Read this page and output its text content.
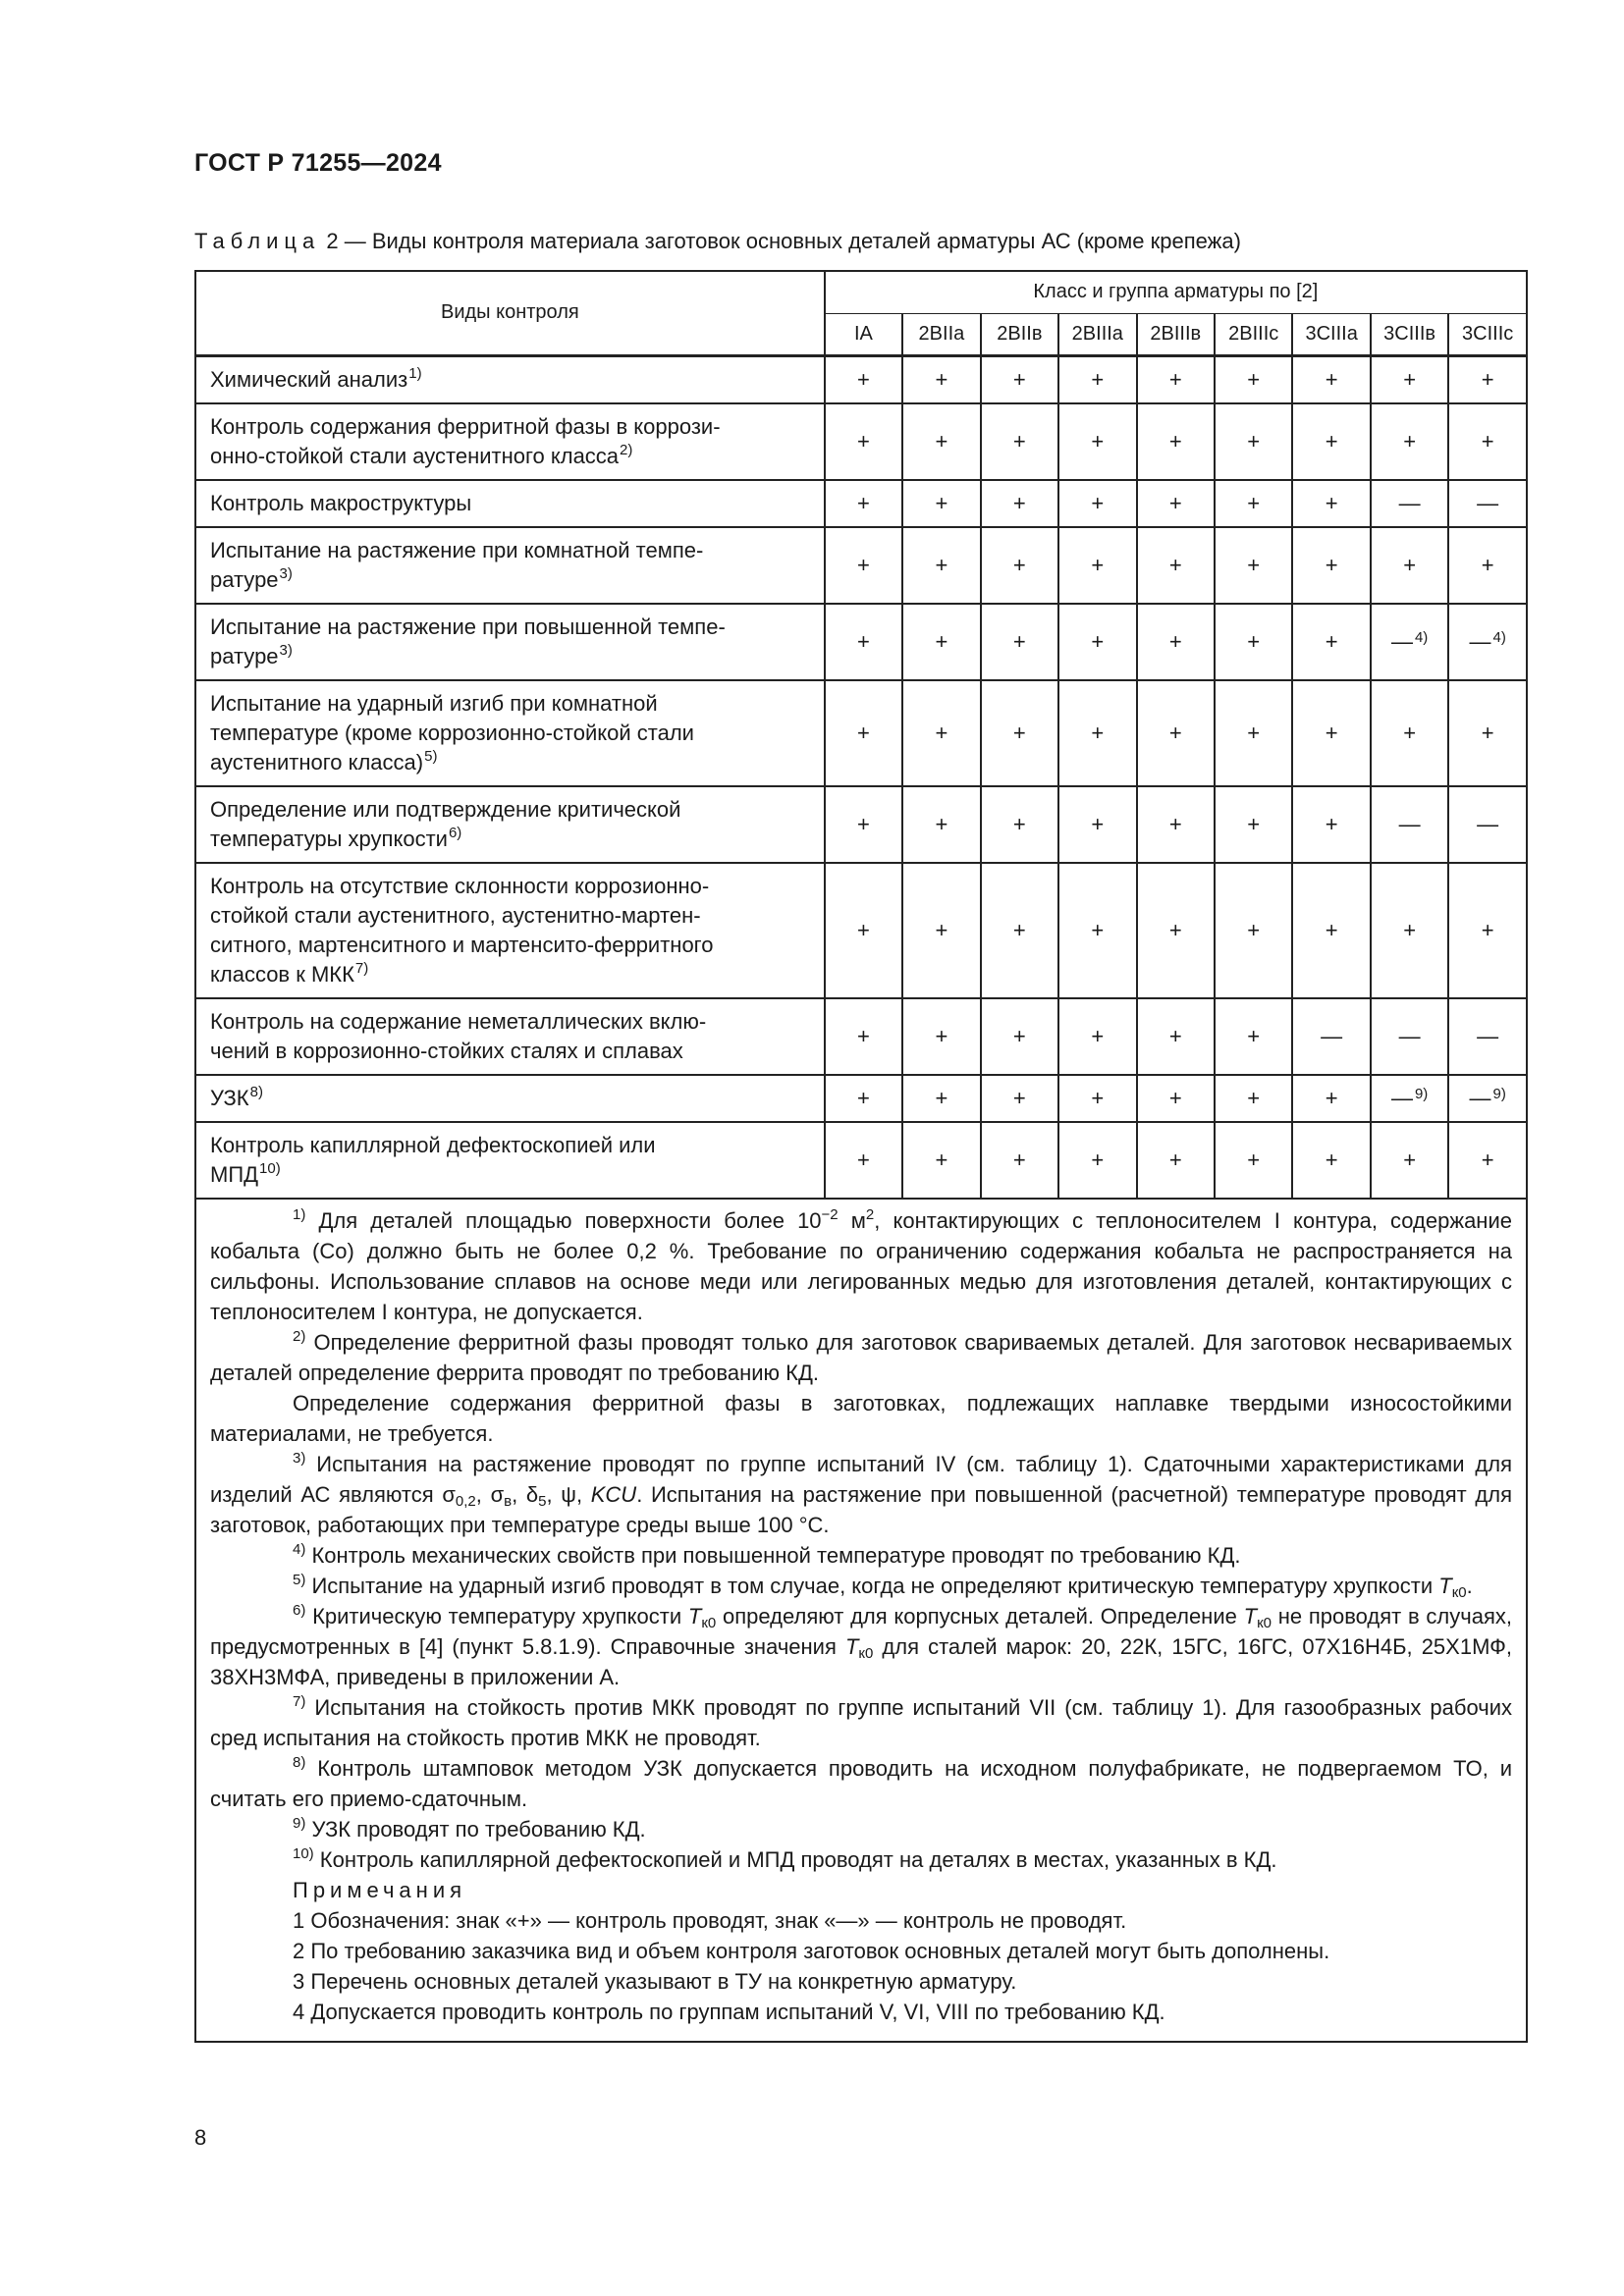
ГОСТ Р 71255—2024
Таблица 2 — Виды контроля материала заготовок основных деталей арматуры АС (кроме крепежа)
Виды контроля	Класс и группа арматуры по [2]								
	IA	2BIIa	2BIIв	2BIIIa	2BIIIв	2BIIIc	3CIIIa	3CIIIв	3CIIIc
Химический анализ$^{1)}$	+	+	+	+	+	+	+	+	+
Контроль содержания ферритной фазы в коррози-
онно-стойкой стали аустенитного класса$^{2)}$	+	+	+	+	+	+	+	+	+
Контроль макроструктуры	+	+	+	+	+	+	+	—	—
Испытание на растяжение при комнатной темпе-
ратуре$^{3)}$	+	+	+	+	+	+	+	+	+
Испытание на растяжение при повышенной темпе-
ратуре$^{3)}$	+	+	+	+	+	+	+	— $^{4)}$	— $^{4)}$
Испытание на ударный изгиб при комнатной
температуре (кроме коррозионно-стойкой стали
аустенитного класса)$^{5)}$	+	+	+	+	+	+	+	+	+
Определение или подтверждение критической
температуры хрупкости$^{6)}$	+	+	+	+	+	+	+	—	—
Контроль на отсутствие склонности коррозионно-
стойкой стали аустенитного, аустенитно-мартен-
ситного, мартенситного и мартенсито-ферритного
классов к МКК$^{7)}$	+	+	+	+	+	+	+	+	+
Контроль на содержание неметаллических вклю-
чений в коррозионно-стойких сталях и сплавах	+	+	+	+	+	+	—	—	—
УЗК$^{8)}$	+	+	+	+	+	+	+	— $^{9)}$	— $^{9)}$
Контроль капиллярной дефектоскопией или
МПД$^{10)}$	+	+	+	+	+	+	+	+	+

$^{1)}$ Для деталей площадью поверхности более $10^{-2}$ $м^2$, контактирующих с теплоносителем I контура, содержание кобальта (Co) должно быть не более 0,2 %. Требование по ограничению содержания кобальта не распространяется на сильфоны. Использование сплавов на основе меди или легированных медью для изготовления деталей, контактирующих с теплоносителем I контура, не допускается.

$^{2)}$ Определение ферритной фазы проводят только для заготовок свариваемых деталей. Для заготовок несвариваемых деталей определение феррита проводят по требованию КД.

Определение содержания ферритной фазы в заготовках, подлежащих наплавке твердыми износостойкими материалами, не требуется.

$^{3)}$ Испытания на растяжение проводят по группе испытаний IV (см. таблицу 1). Сдаточными характеристиками для изделий АС являются $\sigma_{0,2}$, $\sigma_в$, $\delta_5$, ψ, KCU. Испытания на растяжение при повышенной (расчетной) температуре проводят для заготовок, работающих при температуре среды выше 100 °С.

$^{4)}$ Контроль механических свойств при повышенной температуре проводят по требованию КД.

$^{5)}$ Испытание на ударный изгиб проводят в том случае, когда не определяют критическую температуру хрупкости $T_{к0}$.

$^{6)}$ Критическую температуру хрупкости $T_{к0}$ определяют для корпусных деталей. Определение $T_{к0}$ не проводят в случаях, предусмотренных в [4] (пункт 5.8.1.9). Справочные значения $T_{к0}$ для сталей марок: 20, 22К, 15ГС, 16ГС, 07Х16Н4Б, 25Х1МФ, 38ХН3МФА, приведены в приложении А.

$^{7)}$ Испытания на стойкость против МКК проводят по группе испытаний VII (см. таблицу 1). Для газообразных рабочих сред испытания на стойкость против МКК не проводят.

$^{8)}$ Контроль штамповок методом УЗК допускается проводить на исходном полуфабрикате, не подвергаемом ТО, и считать его приемо-сдаточным.

$^{9)}$ УЗК проводят по требованию КД.

$^{10)}$ Контроль капиллярной дефектоскопией и МПД проводят на деталях в местах, указанных в КД.

Примечания

1 Обозначения: знак «+» — контроль проводят, знак «—» — контроль не проводят.

2 По требованию заказчика вид и объем контроля заготовок основных деталей могут быть дополнены.

3 Перечень основных деталей указывают в ТУ на конкретную арматуру.

4 Допускается проводить контроль по группам испытаний V, VI, VIII по требованию КД.

8
